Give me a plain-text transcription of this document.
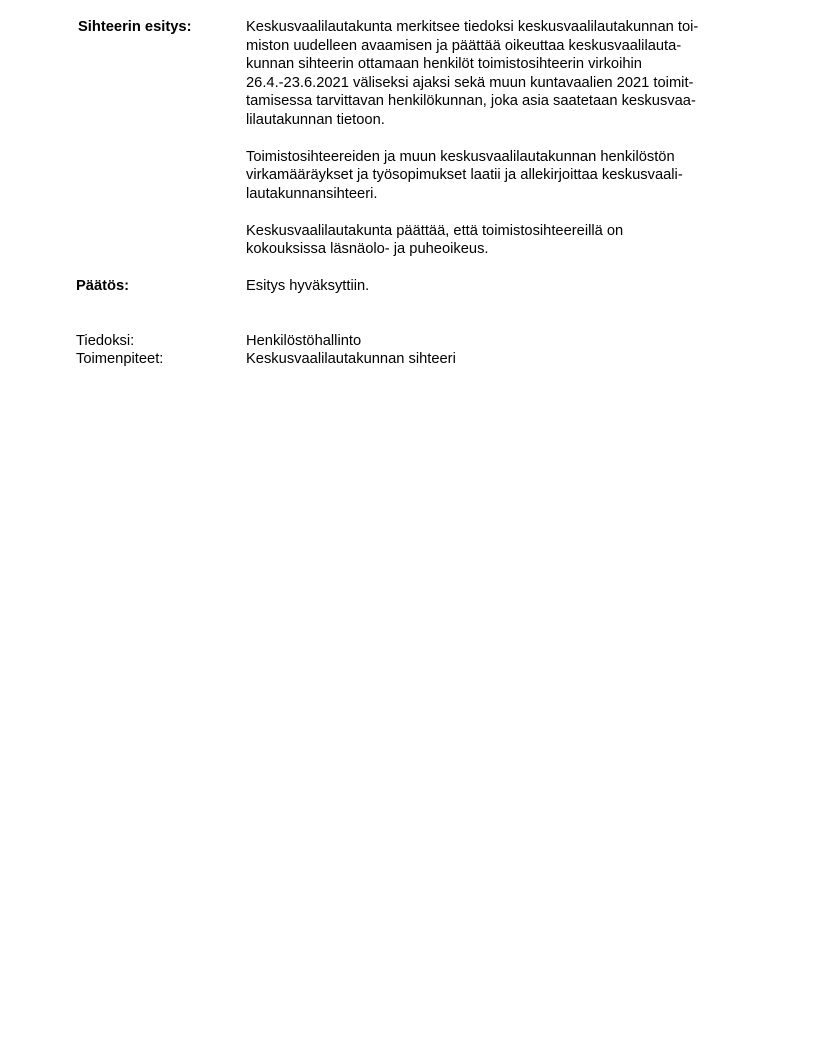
Sihteerin esitys:	Keskusvaalilautakunta merkitsee tiedoksi keskusvaalilautakunnan toi-
miston uudelleen avaamisen ja päättää oikeuttaa keskusvaalilauta-
kunnan sihteerin ottamaan henkilöt toimistosihteerin virkoihin
26.4.-23.6.2021 väliseksi ajaksi sekä muun kuntavaalien 2021 toimit-
tamisessa tarvittavan henkilökunnan, joka asia saatetaan keskusvaa-
lilautakunnan tietoon.

Toimistosihteereiden ja muun keskusvaalilautakunnan henkilöstön
virkamääräykset ja työsopimukset laatii ja allekirjoittaa keskusvaali-
lautakunnansihteeri.

Keskusvaalilautakunta päättää, että toimistosihteereillä on
kokouksissa läsnäolo- ja puheoikeus.

Päätös:	Esitys hyväksyttiin.
Tiedoksi:	Henkilöstöhallinto
Toimenpiteet:	Keskusvaalilautakunnan sihteeri
